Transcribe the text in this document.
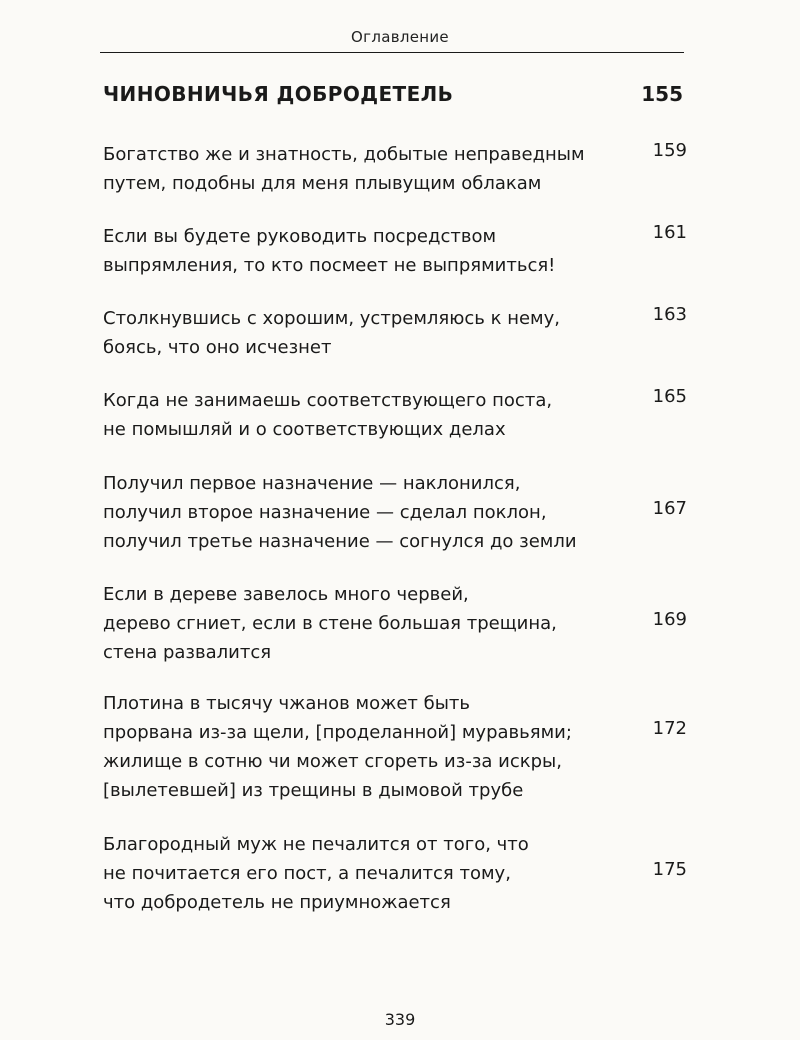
Оглавление
ЧИНОВНИЧЬЯ ДОБРОДЕТЕЛЬ	155
Богатство же и знатность, добытые неправедным
путем, подобны для меня плывущим облакам
159
Если вы будете руководить посредством
выпрямления, то кто посмеет не выпрямиться!
161
Столкнувшись с хорошим, устремляюсь к нему,
боясь, что оно исчезнет
163
Когда не занимаешь соответствующего поста,
не помышляй и о соответствующих делах
165
Получил первое назначение — наклонился,
получил второе назначение — сделал поклон,
получил третье назначение — согнулся до земли
167
Если в дереве завелось много червей,
дерево сгниет, если в стене большая трещина,
стена развалится
169
Плотина в тысячу чжанов может быть
прорвана из-за щели, [проделанной] муравьями;
жилище в сотню чи может сгореть из-за искры,
[вылетевшей] из трещины в дымовой трубе
172
Благородный муж не печалится от того, что
не почитается его пост, а печалится тому,
что добродетель не приумножается
175
339
